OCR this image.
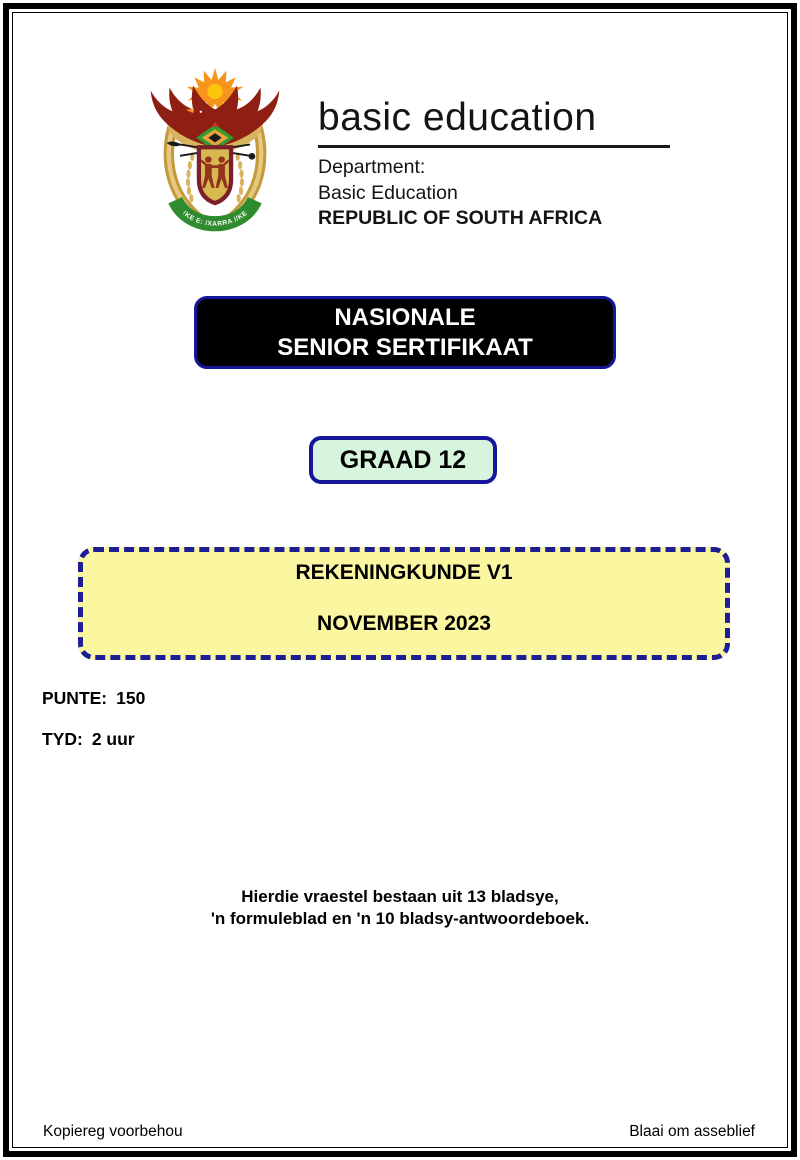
!KE E: /XARRA //KE
basic education
Department:
Basic Education
REPUBLIC OF SOUTH AFRICA
NASIONALE
SENIOR SERTIFIKAAT
GRAAD 12
REKENINGKUNDE V1
NOVEMBER 2023
PUNTE: 150
TYD: 2 uur
Hierdie vraestel bestaan uit 13 bladsye,
'n formuleblad en 'n 10 bladsy-antwoordeboek.
Kopiereg voorbehou	Blaai om asseblief
